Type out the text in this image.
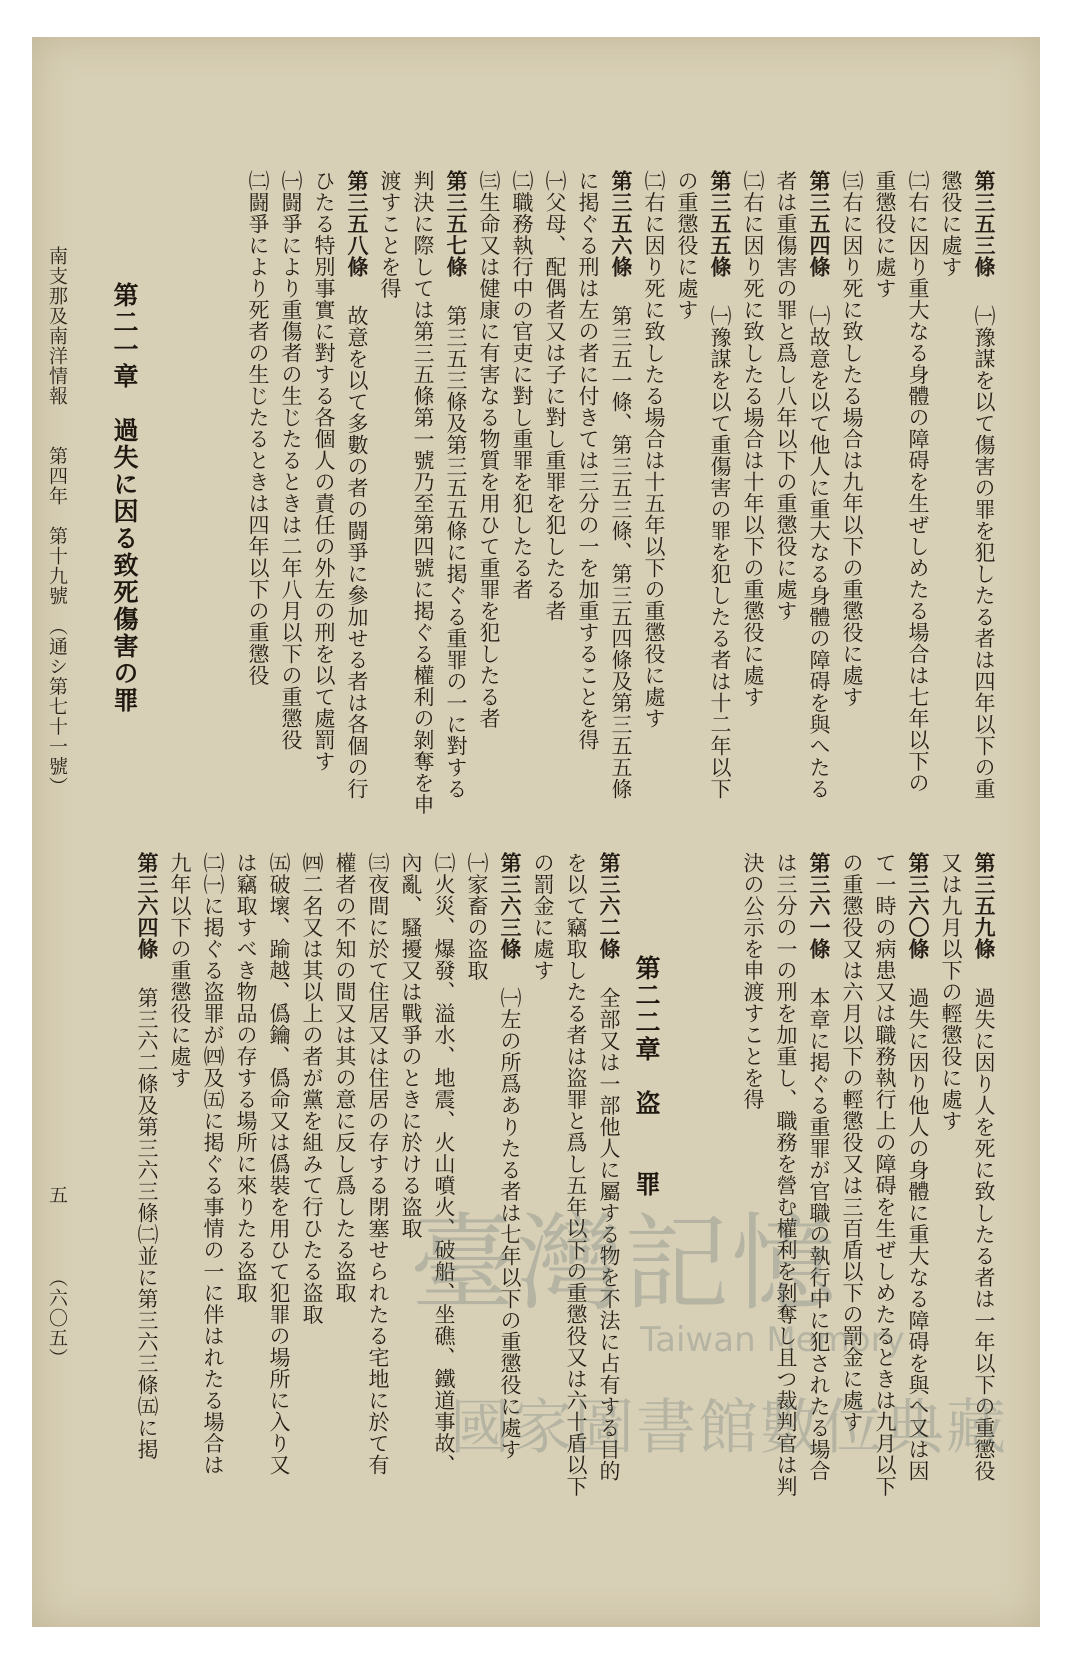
第三五三條　㈠豫謀を以て傷害の罪を犯したる者は四年以下の重
懲役に處す
㈡右に因り重大なる身體の障碍を生ぜしめたる場合は七年以下の
重懲役に處す
㈢右に因り死に致したる場合は九年以下の重懲役に處す
第三五四條　㈠故意を以て他人に重大なる身體の障碍を與へたる
者は重傷害の罪と爲し八年以下の重懲役に處す
㈡右に因り死に致したる場合は十年以下の重懲役に處す
第三五五條　㈠豫謀を以て重傷害の罪を犯したる者は十二年以下
の重懲役に處す
㈡右に因り死に致したる場合は十五年以下の重懲役に處す
第三五六條　第三五一條、第三五三條、第三五四條及第三五五條
に掲ぐる刑は左の者に付きては三分の一を加重することを得
㈠父母、配偶者又は子に對し重罪を犯したる者
㈡職務執行中の官吏に對し重罪を犯したる者
㈢生命又は健康に有害なる物質を用ひて重罪を犯したる者
第三五七條　第三五三條及第三五五條に掲ぐる重罪の一に對する
判決に際しては第三五條第一號乃至第四號に掲ぐる權利の剝奪を申
渡すことを得
第三五八條　故意を以て多數の者の闘爭に參加せる者は各個の行
ひたる特別事實に對する各個人の責任の外左の刑を以て處罰す
㈠闘爭により重傷者の生じたるときは二年八月以下の重懲役
㈡闘爭により死者の生じたるときは四年以下の重懲役
第二一章　過失に因る致死傷害の罪
第三五九條　過失に因り人を死に致したる者は一年以下の重懲役
又は九月以下の輕懲役に處す
第三六〇條　過失に因り他人の身體に重大なる障碍を與へ又は因
て一時の病患又は職務執行上の障碍を生ぜしめたるときは九月以下
の重懲役又は六月以下の輕懲役又は三百盾以下の罰金に處す
第三六一條　本章に掲ぐる重罪が官職の執行中に犯されたる場合
は三分の一の刑を加重し、職務を營む權利を剝奪し且つ裁判官は判
決の公示を申渡すことを得
第二二章　盗　　罪
第三六二條　全部又は一部他人に屬する物を不法に占有する目的
を以て竊取したる者は盗罪と爲し五年以下の重懲役又は六十盾以下
の罰金に處す
第三六三條　㈠左の所爲ありたる者は七年以下の重懲役に處す
㈠家畜の盗取
㈡火災、爆發、溢水、地震、火山噴火、破船、坐礁、鐵道事故、
內亂、騷擾又は戰爭のときに於ける盗取
㈢夜間に於て住居又は住居の存する閉塞せられたる宅地に於て有
權者の不知の間又は其の意に反し爲したる盗取
㈣二名又は其以上の者が黨を組みて行ひたる盗取
㈤破壞、踰越、僞鑰、僞命又は僞裝を用ひて犯罪の場所に入り又
は竊取すべき物品の存する場所に來りたる盗取
㈡㈠に掲ぐる盗罪が㈣及㈤に掲ぐる事情の一に伴はれたる場合は
九年以下の重懲役に處す
第三六四條　第三六二條及第三六三條㈡並に第三六三條㈤に掲
南支那及南洋情報　　第四年　第十九號　（通シ第七十一號）
五
（六〇五）	臺灣記憶
Taiwan Memory
國家圖書館數位典藏
